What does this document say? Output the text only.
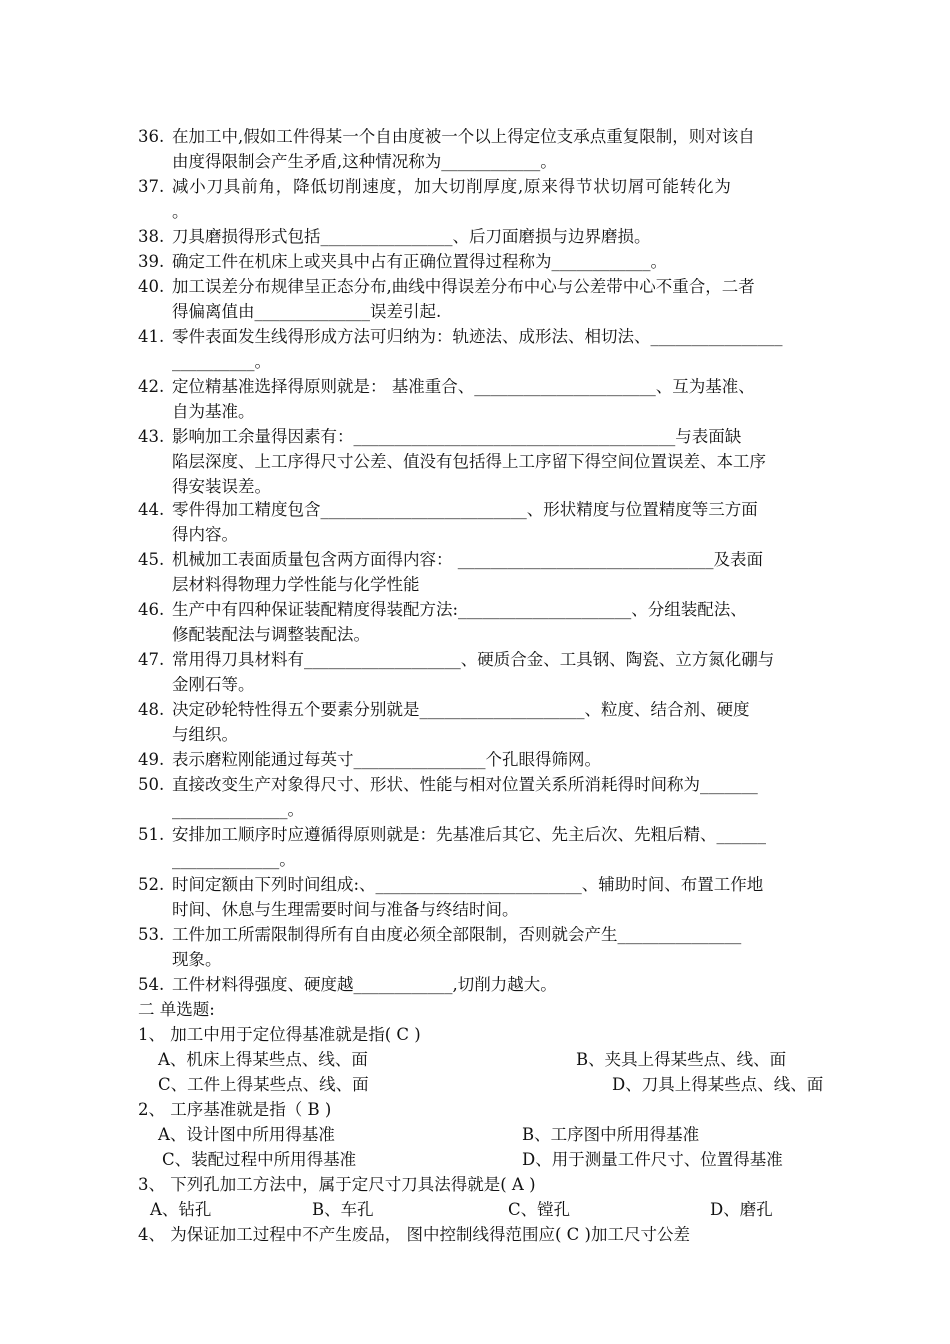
36. 在加工中,假如工件得某一个自由度被一个以上得定位支承点重复限制，则对该自
由度得限制会产生矛盾,这种情况称为____________。
37. 减小刀具前角，降低切削速度，加大切削厚度,原来得节状切屑可能转化为
。
38. 刀具磨损得形式包括________________、后刀面磨损与边界磨损。
39. 确定工件在机床上或夹具中占有正确位置得过程称为____________。
40. 加工误差分布规律呈正态分布,曲线中得误差分布中心与公差带中心不重合，二者
得偏离值由______________误差引起.
41. 零件表面发生线得形成方法可归纳为：轨迹法、成形法、相切法、________________
__________。
42. 定位精基准选择得原则就是： 基准重合、______________________、互为基准、
自为基准。
43. 影响加工余量得因素有：_______________________________________与表面缺
陷层深度、上工序得尺寸公差、值没有包括得上工序留下得空间位置误差、本工序
得安装误差。
44. 零件得加工精度包含_________________________、形状精度与位置精度等三方面
得内容。
45. 机械加工表面质量包含两方面得内容： _______________________________及表面
层材料得物理力学性能与化学性能
46. 生产中有四种保证装配精度得装配方法:_____________________、分组装配法、
修配装配法与调整装配法。
47. 常用得刀具材料有___________________、硬质合金、工具钢、陶瓷、立方氮化硼与
金刚石等。
48. 决定砂轮特性得五个要素分别就是____________________、粒度、结合剂、硬度
与组织。
49. 表示磨粒刚能通过每英寸________________个孔眼得筛网。
50. 直接改变生产对象得尺寸、形状、性能与相对位置关系所消耗得时间称为_______
______________。
51. 安排加工顺序时应遵循得原则就是：先基准后其它、先主后次、先粗后精、______
_____________。
52. 时间定额由下列时间组成:、_________________________、辅助时间、布置工作地
时间、休息与生理需要时间与准备与终结时间。
53. 工件加工所需限制得所有自由度必须全部限制，否则就会产生_______________
现象。
54. 工件材料得强度、硬度越____________,切削力越大。
二 单选题:
1、 加工中用于定位得基准就是指( C )
A、机床上得某些点、线、面	B、夹具上得某些点、线、面
C、工件上得某些点、线、面	D、刀具上得某些点、线、面
2、 工序基准就是指（ B )
A、设计图中所用得基准	B、工序图中所用得基准
C、装配过程中所用得基准	D、用于测量工件尺寸、位置得基准
3、 下列孔加工方法中，属于定尺寸刀具法得就是( A )
A、钻孔	B、车孔	C、镗孔	D、磨孔
4、 为保证加工过程中不产生废品， 图中控制线得范围应( C )加工尺寸公差
